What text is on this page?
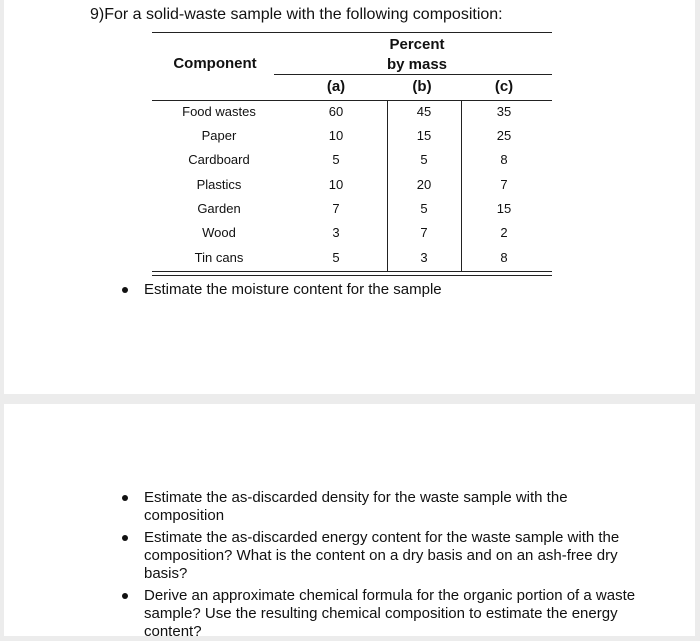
9)For a solid-waste sample with the following composition:
Component
Percent
by mass
(a)	(b)	(c)
Food wastes	60	45	35
Paper	10	15	25
Cardboard	5	5	8
Plastics	10	20	7
Garden	7	5	15
Wood	3	7	2
Tin cans	5	3	8
Estimate the moisture content for the sample
Estimate the as-discarded density for the waste sample with the composition
Estimate the as-discarded energy content for the waste sample with the composition? What is the content on a dry basis and on an ash-free dry basis?
Derive an approximate chemical formula for the organic portion of a waste sample? Use the resulting chemical composition to estimate the energy content?
